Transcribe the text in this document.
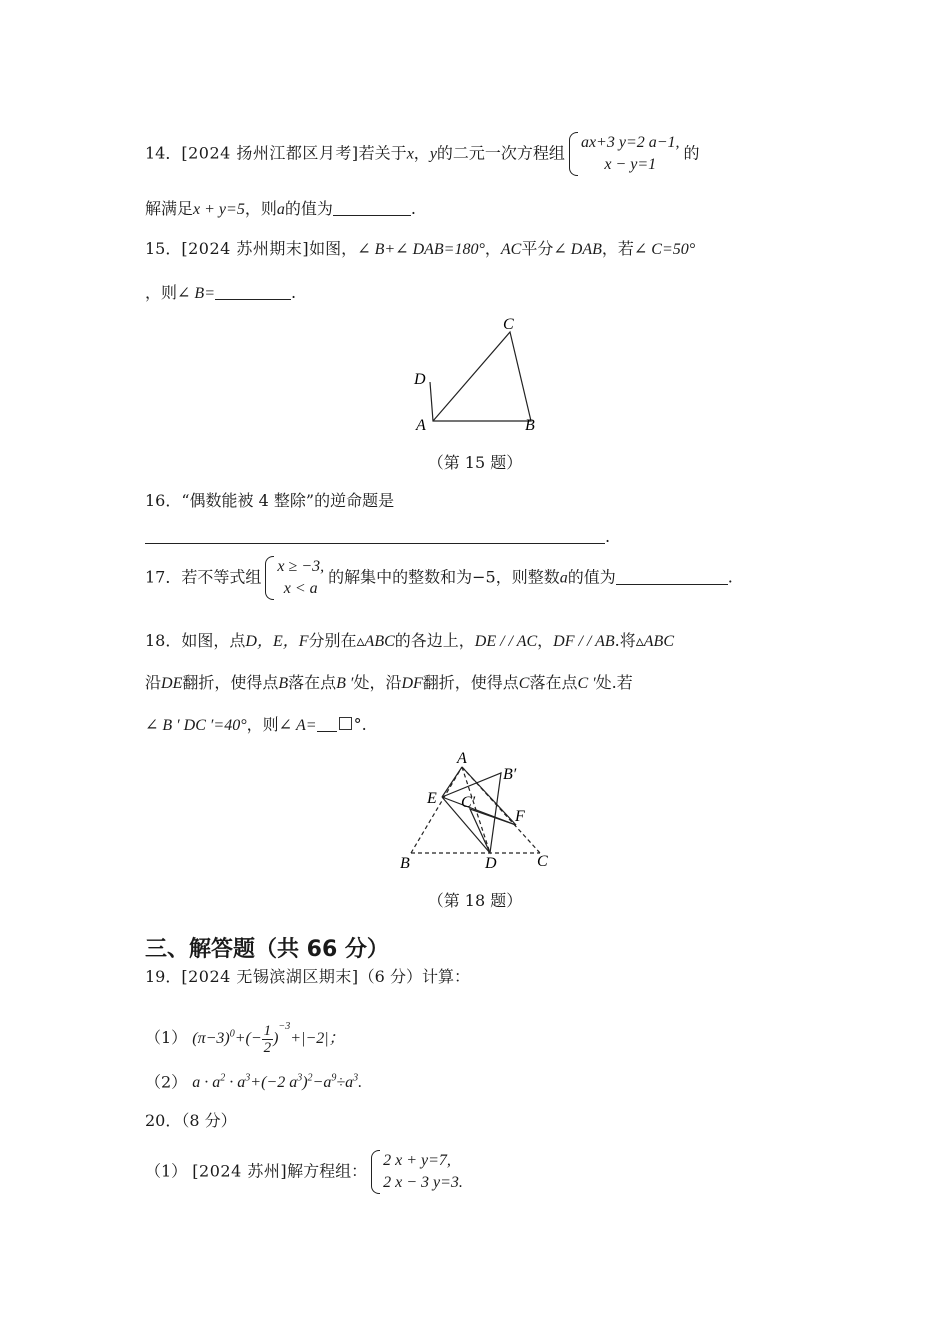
14．[2024 扬州江都区月考]若关于x，y的二元一次方程组
ax+3 y=2 a−1,
x − y=1
的
解满足x + y=5，则a的值为	.
15．[2024 苏州期末]如图，∠ B+∠ DAB=180°，AC平分∠ DAB，若∠ C=50°
，则∠ B=	.
C
D
A	B
（第 15 题）
16．“偶数能被 4 整除”的逆命题是
.
17．若不等式组
x ≥ −3,
x < a
的解集中的整数和为−5，则整数a的值为	.
18．如图，点D，E，F分别在▵ABC的各边上，DE / / AC，DF / / AB.将▵ABC
沿DE翻折，使得点B落在点B ′处，沿DF翻折，使得点C落在点C ′处.若
∠ B ′ DC ′=40°，则∠ A= °.
A
B′
E C′
F
B	D	C
（第 18 题）
三、解答题（共 66 分）
19．[2024 无锡滨湖区期末]（6 分）计算：
（1） $(\pi-3)^0+(- \frac{1}{2} )^{-3}+|-2|$；
（2） $a \cdot a^2 \cdot a^3+(-2$ $a^3)^2-a^9\div a^3$.
20．（8 分）
（1） [2024 苏州]解方程组：
2 x + y=7,
2 x − 3 y=3.
